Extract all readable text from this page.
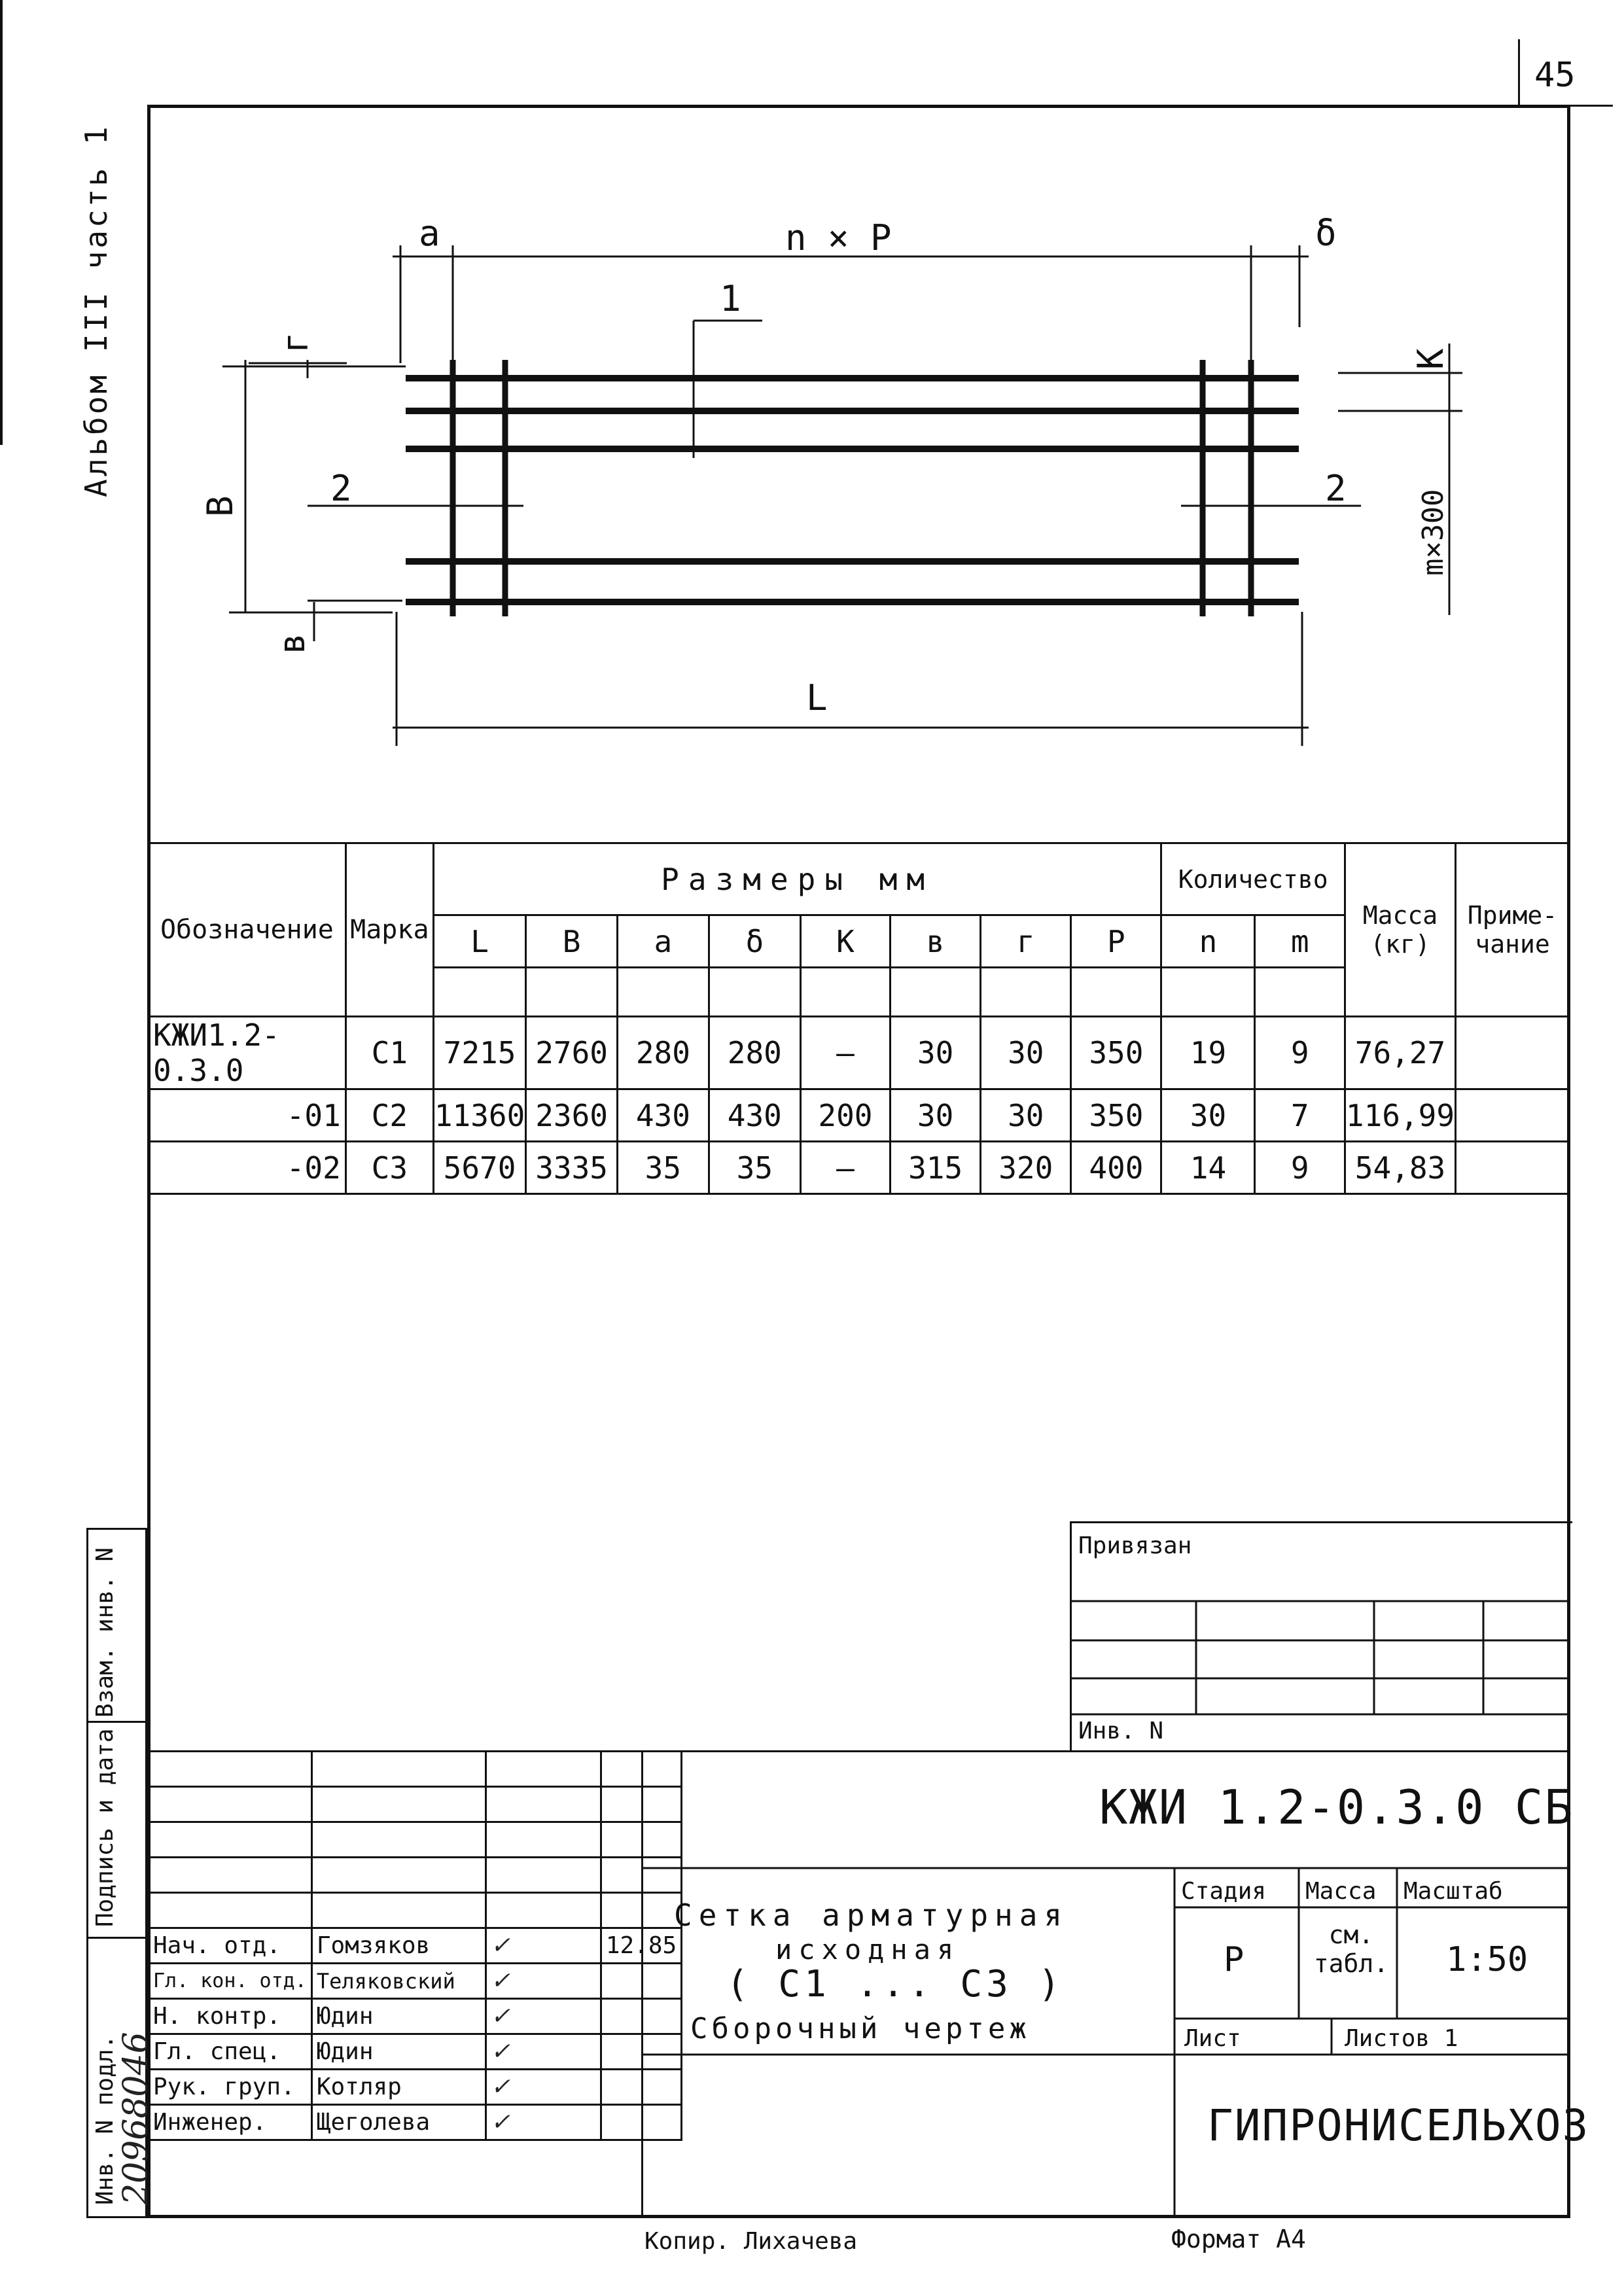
45
Альбом III часть 1	a	n × P	δ
1
2	2
L
г
В
в
К
m×300
Обозначение	Марка	Размеры мм								Количество		Масса (кг)	Приме- чание
		L	В	a	δ	К	в	г	P	n	m		

КЖИ1.2-0.3.0	С1	7215	2760	280	280	—	30	30	350	19	9	76,27	
-01	С2	11360	2360	430	430	200	30	30	350	30	7	116,99	
-02	С3	5670	3335	35	35	—	315	320	400	14	9	54,83	
Привязан
Инв. N
Взам. инв. N
Подпись и дата
Инв. N подл.
20968046

Нач. отд.	Гомзяков	✓	12.85
Гл. кон. отд.	Теляковский	✓	
Н. контр.	Юдин	✓	
Гл. спец.	Юдин	✓	
Рук. груп.	Котляр	✓	
Инженер.	Щеголева	✓	
КЖИ 1.2-0.3.0 СБ
Сетка арматурная
исходная
( С1 ... С3 )
Сборочный чертеж
Стадия Масса Масштаб
Р
см. табл. 1:50
Лист	Листов 1
ГИПРОНИСЕЛЬХОЗ
Копир. Лихачева	Формат А4
